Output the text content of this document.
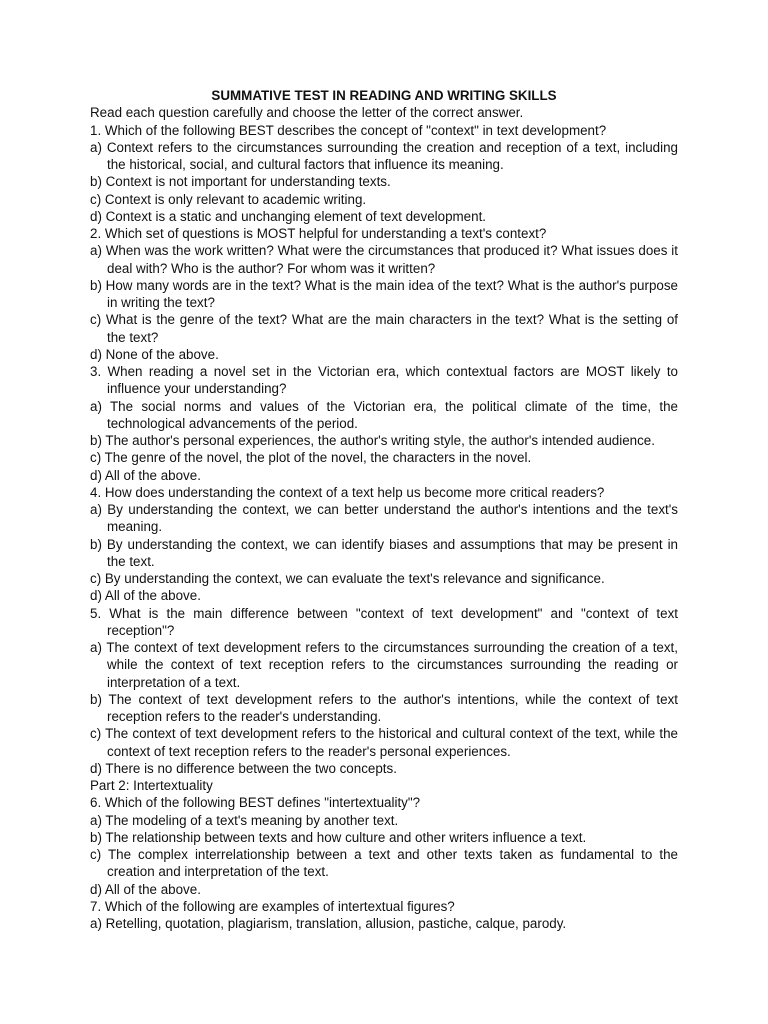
SUMMATIVE TEST IN READING AND WRITING SKILLS

Read each question carefully and choose the letter of the correct answer.

1. Which of the following BEST describes the concept of "context" in text development?

a) Context refers to the circumstances surrounding the creation and reception of a text, including the historical, social, and cultural factors that influence its meaning.

b) Context is not important for understanding texts.

c) Context is only relevant to academic writing.

d) Context is a static and unchanging element of text development.

2. Which set of questions is MOST helpful for understanding a text's context?

a) When was the work written? What were the circumstances that produced it? What issues does it deal with? Who is the author? For whom was it written?

b) How many words are in the text? What is the main idea of the text? What is the author's purpose in writing the text?

c) What is the genre of the text? What are the main characters in the text? What is the setting of the text?

d) None of the above.

3. When reading a novel set in the Victorian era, which contextual factors are MOST likely to influence your understanding?

a) The social norms and values of the Victorian era, the political climate of the time, the technological advancements of the period.

b) The author's personal experiences, the author's writing style, the author's intended audience.

c) The genre of the novel, the plot of the novel, the characters in the novel.

d) All of the above.

4. How does understanding the context of a text help us become more critical readers?

a) By understanding the context, we can better understand the author's intentions and the text's meaning.

b) By understanding the context, we can identify biases and assumptions that may be present in the text.

c) By understanding the context, we can evaluate the text's relevance and significance.

d) All of the above.

5. What is the main difference between "context of text development" and "context of text reception"?

a) The context of text development refers to the circumstances surrounding the creation of a text, while the context of text reception refers to the circumstances surrounding the reading or interpretation of a text.

b) The context of text development refers to the author's intentions, while the context of text reception refers to the reader's understanding.

c) The context of text development refers to the historical and cultural context of the text, while the context of text reception refers to the reader's personal experiences.

d) There is no difference between the two concepts.

Part 2: Intertextuality

6. Which of the following BEST defines "intertextuality"?

a) The modeling of a text's meaning by another text.

b) The relationship between texts and how culture and other writers influence a text.

c) The complex interrelationship between a text and other texts taken as fundamental to the creation and interpretation of the text.

d) All of the above.

7. Which of the following are examples of intertextual figures?

a) Retelling, quotation, plagiarism, translation, allusion, pastiche, calque, parody.
